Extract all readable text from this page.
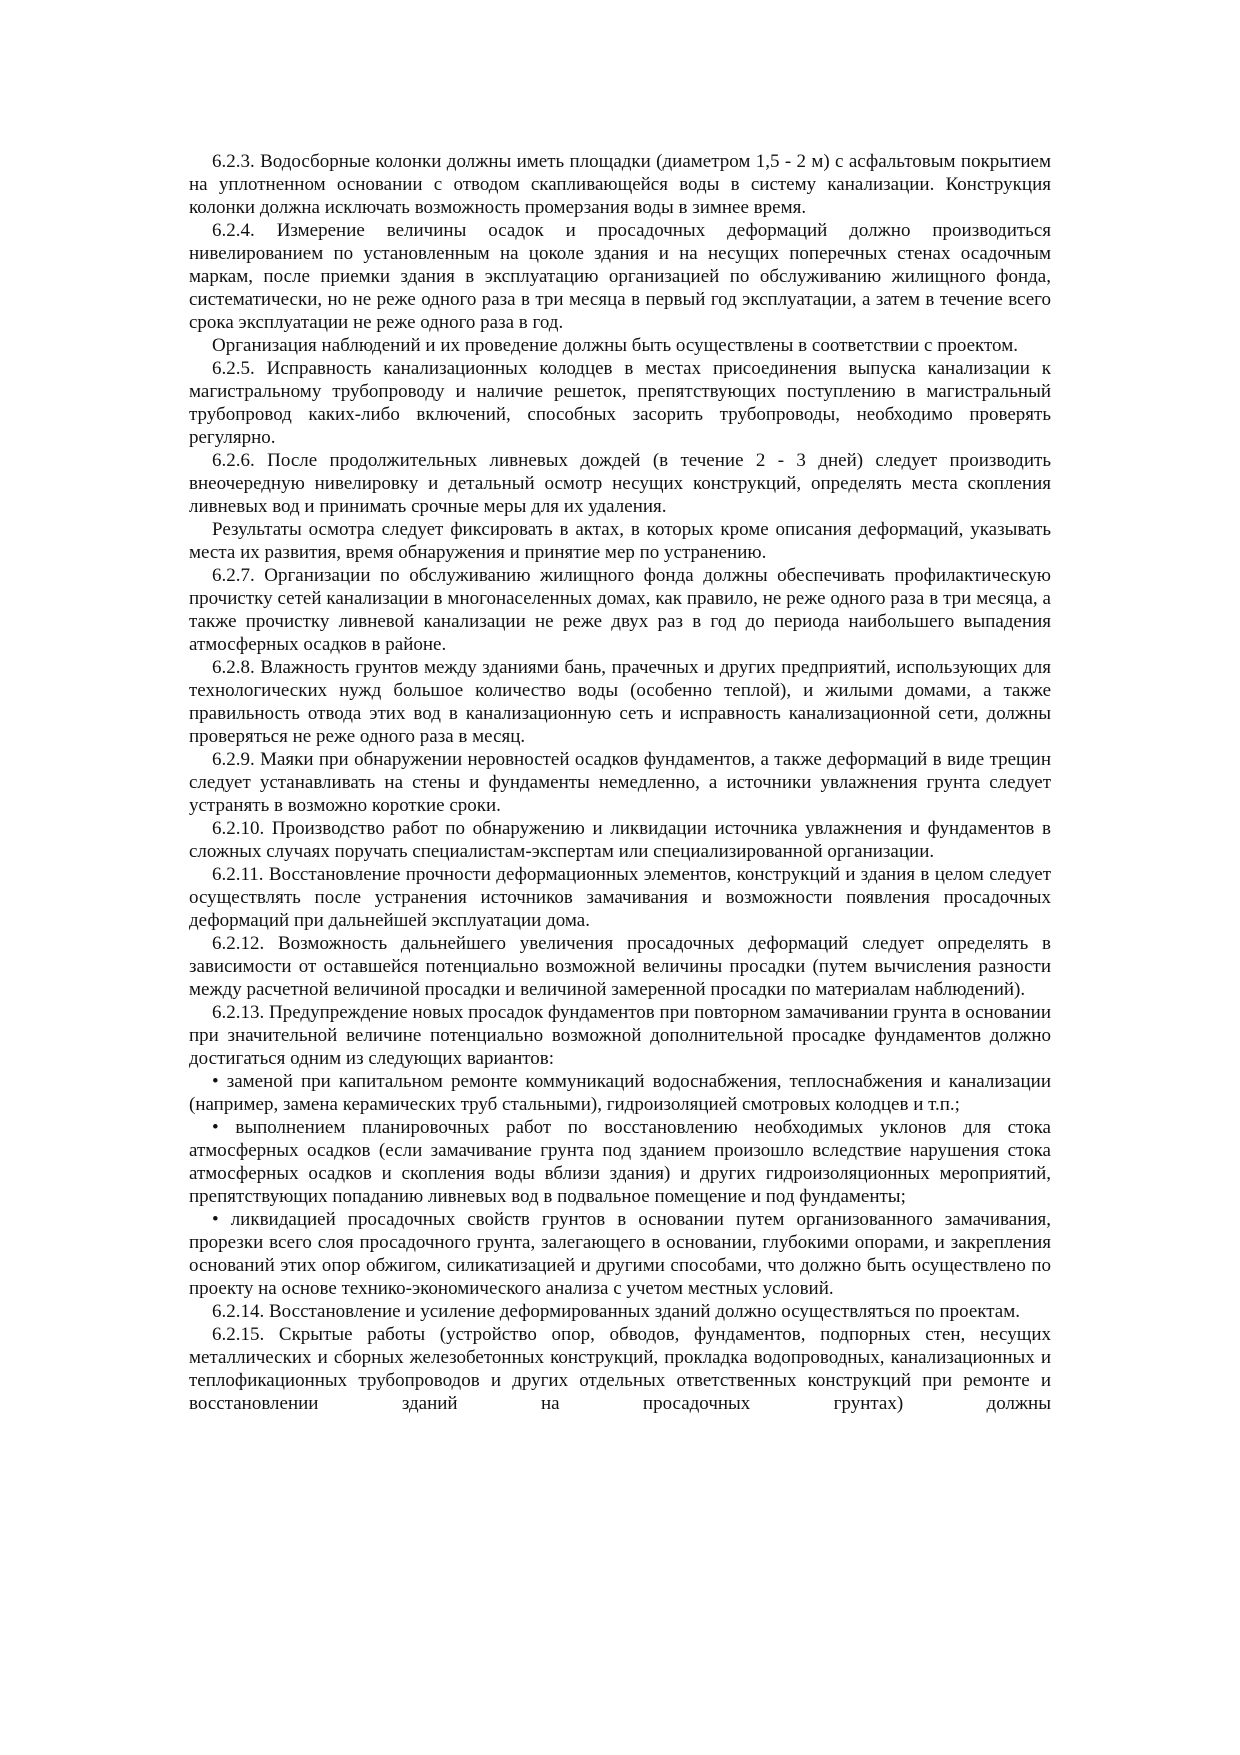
6.2.3. Водосборные колонки должны иметь площадки (диаметром 1,5 - 2 м) с асфальтовым покрытием на уплотненном основании с отводом скапливающейся воды в систему канализации. Конструкция колонки должна исключать возможность промерзания воды в зимнее время.

6.2.4. Измерение величины осадок и просадочных деформаций должно производиться нивелированием по установленным на цоколе здания и на несущих поперечных стенах осадочным маркам, после приемки здания в эксплуатацию организацией по обслуживанию жилищного фонда, систематически, но не реже одного раза в три месяца в первый год эксплуатации, а затем в течение всего срока эксплуатации не реже одного раза в год.

Организация наблюдений и их проведение должны быть осуществлены в соответствии с проектом.

6.2.5. Исправность канализационных колодцев в местах присоединения выпуска канализации к магистральному трубопроводу и наличие решеток, препятствующих поступлению в магистральный трубопровод каких-либо включений, способных засорить трубопроводы, необходимо проверять регулярно.

6.2.6. После продолжительных ливневых дождей (в течение 2 - 3 дней) следует производить внеочередную нивелировку и детальный осмотр несущих конструкций, определять места скопления ливневых вод и принимать срочные меры для их удаления.

Результаты осмотра следует фиксировать в актах, в которых кроме описания деформаций, указывать места их развития, время обнаружения и принятие мер по устранению.

6.2.7. Организации по обслуживанию жилищного фонда должны обеспечивать профилактическую прочистку сетей канализации в многонаселенных домах, как правило, не реже одного раза в три месяца, а также прочистку ливневой канализации не реже двух раз в год до периода наибольшего выпадения атмосферных осадков в районе.

6.2.8. Влажность грунтов между зданиями бань, прачечных и других предприятий, использующих для технологических нужд большое количество воды (особенно теплой), и жилыми домами, а также правильность отвода этих вод в канализационную сеть и исправность канализационной сети, должны проверяться не реже одного раза в месяц.

6.2.9. Маяки при обнаружении неровностей осадков фундаментов, а также деформаций в виде трещин следует устанавливать на стены и фундаменты немедленно, а источники увлажнения грунта следует устранять в возможно короткие сроки.

6.2.10. Производство работ по обнаружению и ликвидации источника увлажнения и фундаментов в сложных случаях поручать специалистам-экспертам или специализированной организации.

6.2.11. Восстановление прочности деформационных элементов, конструкций и здания в целом следует осуществлять после устранения источников замачивания и возможности появления просадочных деформаций при дальнейшей эксплуатации дома.

6.2.12. Возможность дальнейшего увеличения просадочных деформаций следует определять в зависимости от оставшейся потенциально возможной величины просадки (путем вычисления разности между расчетной величиной просадки и величиной замеренной просадки по материалам наблюдений).

6.2.13. Предупреждение новых просадок фундаментов при повторном замачивании грунта в основании при значительной величине потенциально возможной дополнительной просадке фундаментов должно достигаться одним из следующих вариантов:

• заменой при капитальном ремонте коммуникаций водоснабжения, теплоснабжения и канализации (например, замена керамических труб стальными), гидроизоляцией смотровых колодцев и т.п.;

• выполнением планировочных работ по восстановлению необходимых уклонов для стока атмосферных осадков (если замачивание грунта под зданием произошло вследствие нарушения стока атмосферных осадков и скопления воды вблизи здания) и других гидроизоляционных мероприятий, препятствующих попаданию ливневых вод в подвальное помещение и под фундаменты;

• ликвидацией просадочных свойств грунтов в основании путем организованного замачивания, прорезки всего слоя просадочного грунта, залегающего в основании, глубокими опорами, и закрепления оснований этих опор обжигом, силикатизацией и другими способами, что должно быть осуществлено по проекту на основе технико-экономического анализа с учетом местных условий.

6.2.14. Восстановление и усиление деформированных зданий должно осуществляться по проектам.

6.2.15. Скрытые работы (устройство опор, обводов, фундаментов, подпорных стен, несущих металлических и сборных железобетонных конструкций, прокладка водопроводных, канализационных и теплофикационных трубопроводов и других отдельных ответственных конструкций при ремонте и восстановлении зданий на просадочных грунтах) должны
